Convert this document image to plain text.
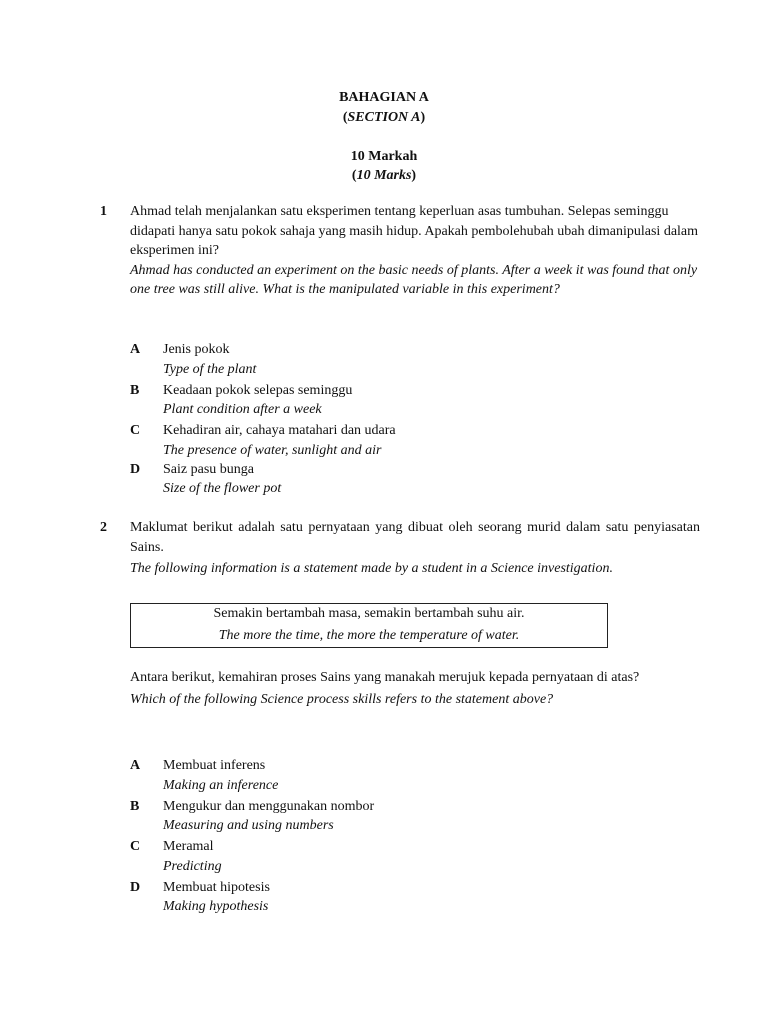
BAHAGIAN A
(SECTION A)
10 Markah
(10 Marks)
1 Ahmad telah menjalankan satu eksperimen tentang keperluan asas tumbuhan. Selepas seminggu didapati hanya satu pokok sahaja yang masih hidup. Apakah pembolehubah ubah dimanipulasi dalam eksperimen ini?

Ahmad has conducted an experiment on the basic needs of plants. After a week it was found that only one tree was still alive. What is the manipulated variable in this experiment?

A Jenis pokok
Type of the plant
B Keadaan pokok selepas seminggu
Plant condition after a week
C Kehadiran air, cahaya matahari dan udara
The presence of water, sunlight and air
D Saiz pasu bunga
Size of the flower pot
2 Maklumat berikut adalah satu pernyataan yang dibuat oleh seorang murid dalam satu penyiasatan Sains.

The following information is a statement made by a student in a Science investigation.

Semakin bertambah masa, semakin bertambah suhu air.
The more the time, the more the temperature of water.

Antara berikut, kemahiran proses Sains yang manakah merujuk kepada pernyataan di atas?

Which of the following Science process skills refers to the statement above?

A Membuat inferens
Making an inference
B Mengukur dan menggunakan nombor
Measuring and using numbers
C Meramal
Predicting
D Membuat hipotesis
Making hypothesis
